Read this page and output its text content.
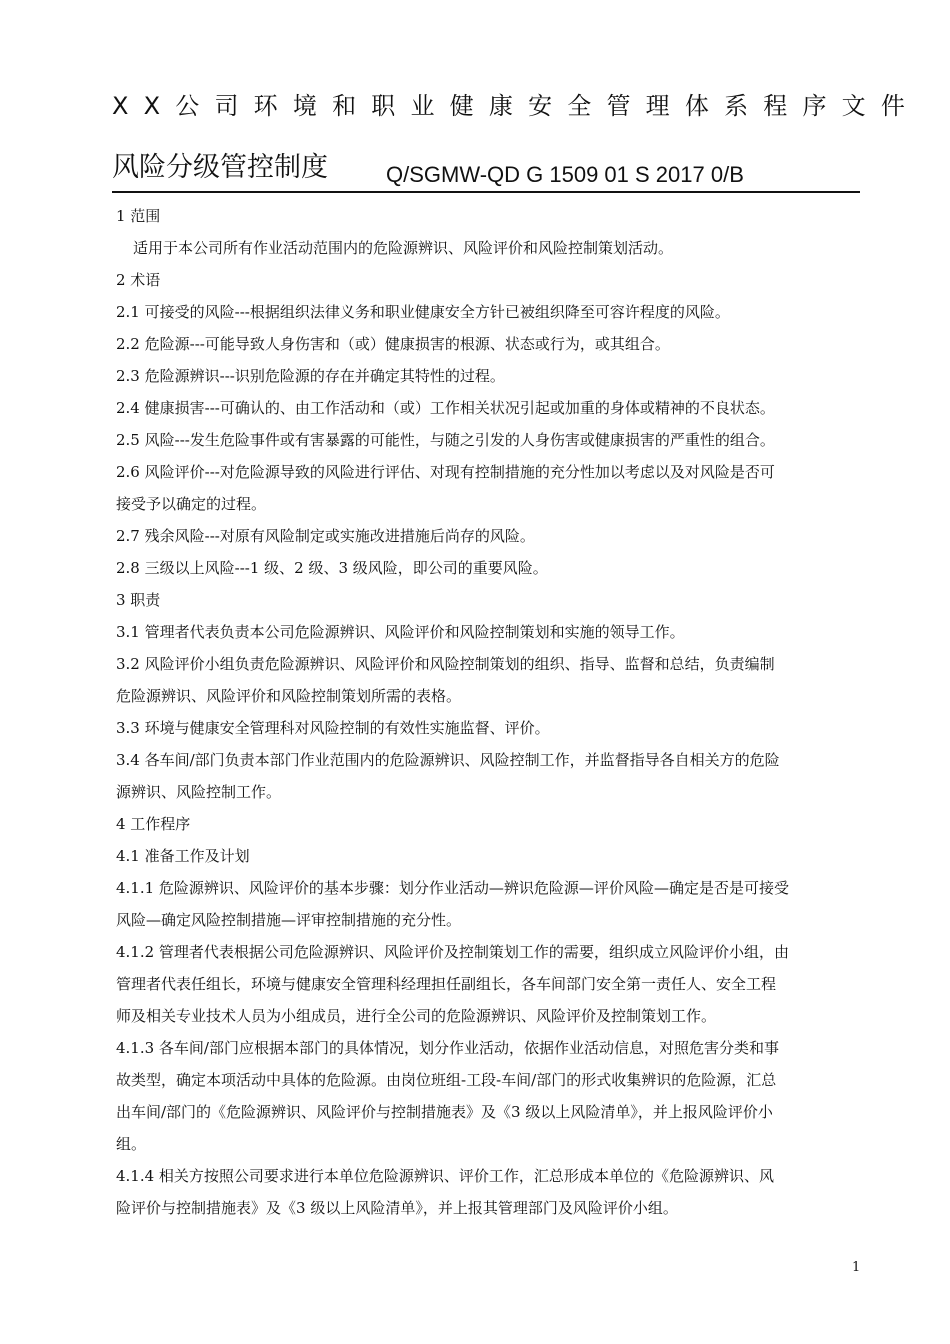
XX公司环境和职业健康安全管理体系程序文件
风险分级管控制度	Q/SGMW-QD G 1509 01 S 2017 0/B
1 范围
适用于本公司所有作业活动范围内的危险源辨识、风险评价和风险控制策划活动。
2 术语
2.1 可接受的风险---根据组织法律义务和职业健康安全方针已被组织降至可容许程度的风险。
2.2 危险源---可能导致人身伤害和（或）健康损害的根源、状态或行为，或其组合。
2.3 危险源辨识---识别危险源的存在并确定其特性的过程。
2.4 健康损害---可确认的、由工作活动和（或）工作相关状况引起或加重的身体或精神的不良状态。
2.5 风险---发生危险事件或有害暴露的可能性，与随之引发的人身伤害或健康损害的严重性的组合。
2.6 风险评价---对危险源导致的风险进行评估、对现有控制措施的充分性加以考虑以及对风险是否可
接受予以确定的过程。
2.7 残余风险---对原有风险制定或实施改进措施后尚存的风险。
2.8 三级以上风险---1 级、2 级、3 级风险，即公司的重要风险。
3 职责
3.1 管理者代表负责本公司危险源辨识、风险评价和风险控制策划和实施的领导工作。
3.2 风险评价小组负责危险源辨识、风险评价和风险控制策划的组织、指导、监督和总结，负责编制
危险源辨识、风险评价和风险控制策划所需的表格。
3.3 环境与健康安全管理科对风险控制的有效性实施监督、评价。
3.4 各车间/部门负责本部门作业范围内的危险源辨识、风险控制工作，并监督指导各自相关方的危险
源辨识、风险控制工作。
4 工作程序
4.1 准备工作及计划
4.1.1 危险源辨识、风险评价的基本步骤：划分作业活动—辨识危险源—评价风险—确定是否是可接受
风险—确定风险控制措施—评审控制措施的充分性。
4.1.2 管理者代表根据公司危险源辨识、风险评价及控制策划工作的需要，组织成立风险评价小组，由
管理者代表任组长，环境与健康安全管理科经理担任副组长，各车间部门安全第一责任人、安全工程
师及相关专业技术人员为小组成员，进行全公司的危险源辨识、风险评价及控制策划工作。
4.1.3 各车间/部门应根据本部门的具体情况，划分作业活动，依据作业活动信息，对照危害分类和事
故类型，确定本项活动中具体的危险源。由岗位班组-工段-车间/部门的形式收集辨识的危险源，汇总
出车间/部门的《危险源辨识、风险评价与控制措施表》及《3 级以上风险清单》，并上报风险评价小
组。
4.1.4 相关方按照公司要求进行本单位危险源辨识、评价工作，汇总形成本单位的《危险源辨识、风
险评价与控制措施表》及《3 级以上风险清单》，并上报其管理部门及风险评价小组。
1
